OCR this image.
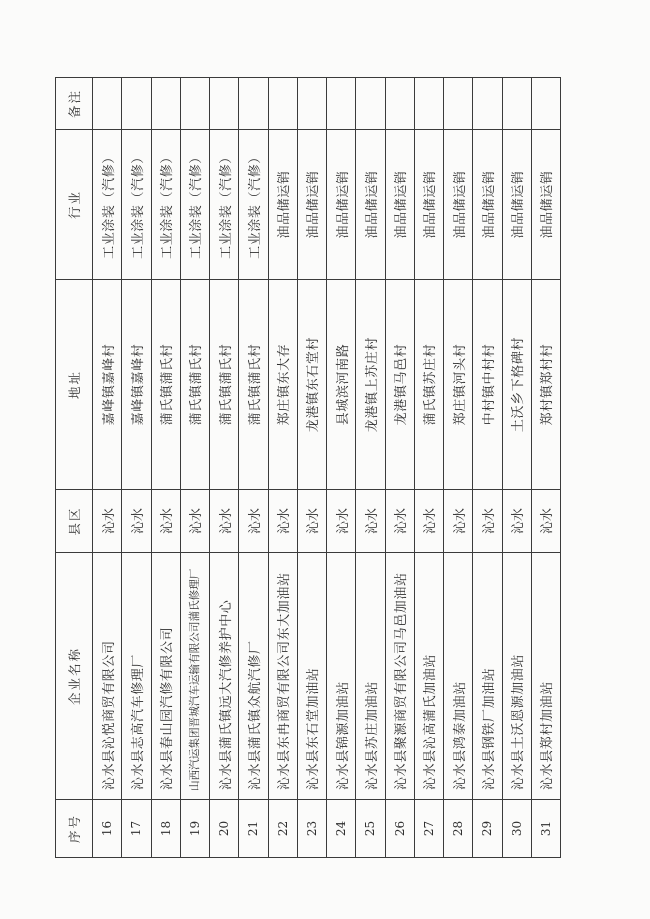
序号	企业名称	县区	地址	行业	备注
16	沁水县沁悦商贸有限公司	沁水	嘉峰镇嘉峰村	工业涂装（汽修）	
17	沁水县志高汽车修理厂	沁水	嘉峰镇嘉峰村	工业涂装（汽修）	
18	沁水县春山园汽修有限公司	沁水	蒲氏镇蒲氏村	工业涂装（汽修）	
19	山西汽运集团晋城汽车运输有限公司蒲氏修理厂	沁水	蒲氏镇蒲氏村	工业涂装（汽修）	
20	沁水县蒲氏镇远大汽修养护中心	沁水	蒲氏镇蒲氏村	工业涂装（汽修）	
21	沁水县蒲氏镇众航汽修厂	沁水	蒲氏镇蒲氏村	工业涂装（汽修）	
22	沁水县东冉商贸有限公司东大加油站	沁水	郑庄镇东大存	油品储运销	
23	沁水县东石堂加油站	沁水	龙港镇东石堂村	油品储运销	
24	沁水县锦源加油站	沁水	县城滨河南路	油品储运销	
25	沁水县苏庄加油站	沁水	龙港镇上苏庄村	油品储运销	
26	沁水县聚源商贸有限公司马邑加油站	沁水	龙港镇马邑村	油品储运销	
27	沁水县沁高蒲氏加油站	沁水	蒲氏镇苏庄村	油品储运销	
28	沁水县鸿泰加油站	沁水	郑庄镇河头村	油品储运销	
29	沁水县钢铁厂加油站	沁水	中村镇中村村	油品储运销	
30	沁水县土沃恩源加油站	沁水	土沃乡下格碑村	油品储运销	
31	沁水县郑村加油站	沁水	郑村镇郑村村	油品储运销	
